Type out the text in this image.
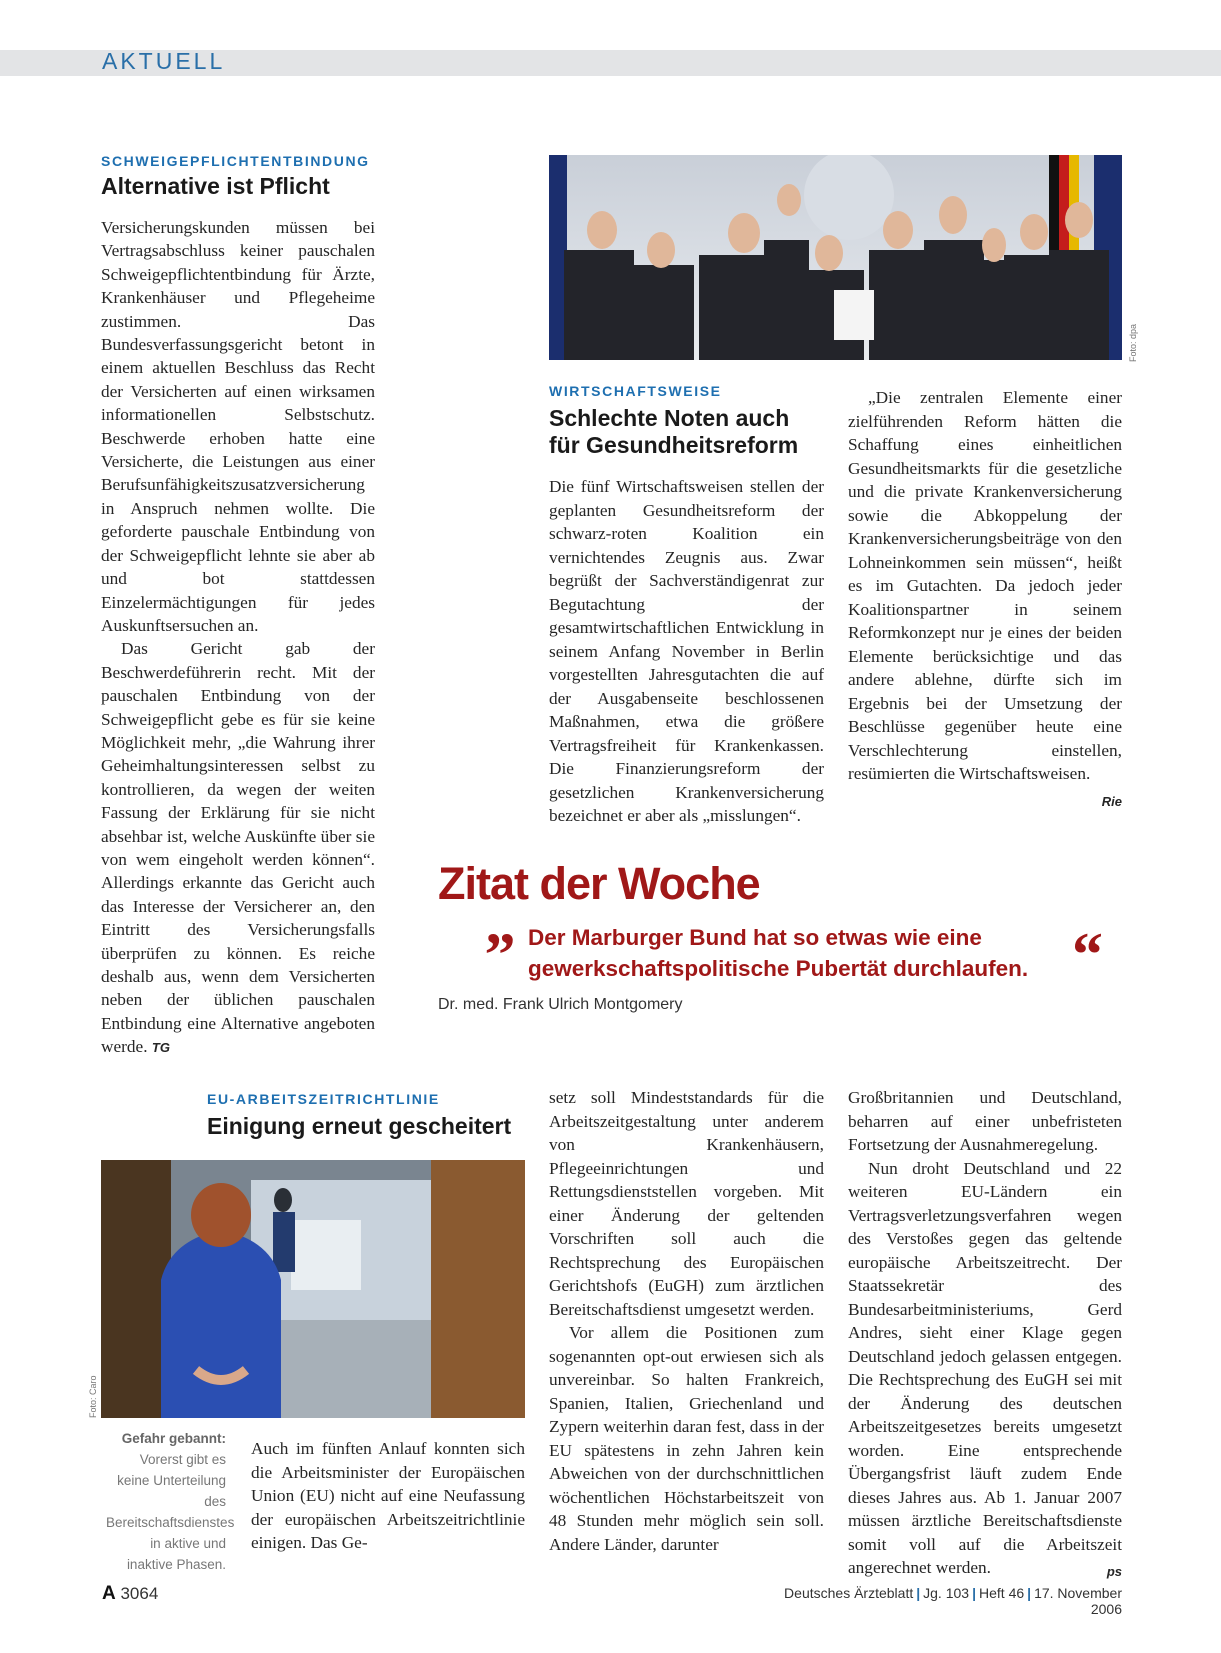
AKTUELL

SCHWEIGEPFLICHTENTBINDUNG

Alternative ist Pflicht

Versicherungskunden müssen bei Vertragsabschluss keiner pauschalen Schweigepflichtentbindung für Ärzte, Krankenhäuser und Pflegeheime zustimmen. Das Bundesverfassungsgericht betont in einem aktuellen Beschluss das Recht der Versicherten auf einen wirksamen informationellen Selbstschutz. Beschwerde erhoben hatte eine Versicherte, die Leistungen aus einer Berufsunfähigkeitszusatzversicherung in Anspruch nehmen wollte. Die geforderte pauschale Entbindung von der Schweigepflicht lehnte sie aber ab und bot stattdessen Einzelermächtigungen für jedes Auskunftsersuchen an.

Das Gericht gab der Beschwerdeführerin recht. Mit der pauschalen Entbindung von der Schweigepflicht gebe es für sie keine Möglichkeit mehr, „die Wahrung ihrer Geheimhaltungsinteressen selbst zu kontrollieren, da wegen der weiten Fassung der Erklärung für sie nicht absehbar ist, welche Auskünfte über sie von wem eingeholt werden können“. Allerdings erkannte das Gericht auch das Interesse der Versicherer an, den Eintritt des Versicherungsfalls überprüfen zu können. Es reiche deshalb aus, wenn dem Versicherten neben der üblichen pauschalen Entbindung eine Alternative angeboten werde. TG

Foto: dpa

WIRTSCHAFTSWEISE

Schlechte Noten auch
für Gesundheitsreform

Die fünf Wirtschaftsweisen stellen der geplanten Gesundheitsreform der schwarz-roten Koalition ein vernichtendes Zeugnis aus. Zwar begrüßt der Sachverständigenrat zur Begutachtung der gesamtwirtschaftlichen Entwicklung in seinem Anfang November in Berlin vorgestellten Jahresgutachten die auf der Ausgabenseite beschlossenen Maßnahmen, etwa die größere Vertragsfreiheit für Krankenkassen. Die Finanzierungsreform der gesetzlichen Krankenversicherung bezeichnet er aber als „misslungen“.

„Die zentralen Elemente einer zielführenden Reform hätten die Schaffung eines einheitlichen Gesundheitsmarkts für die gesetzliche und die private Krankenversicherung sowie die Abkoppelung der Krankenversicherungsbeiträge von den Lohneinkommen sein müssen“, heißt es im Gutachten. Da jedoch jeder Koalitionspartner in seinem Reformkonzept nur je eines der beiden Elemente berücksichtige und das andere ablehne, dürfte sich im Ergebnis bei der Umsetzung der Beschlüsse gegenüber heute eine Verschlechterung einstellen, resümierten die Wirtschaftsweisen.
Rie

Zitat der Woche
„ Der Marburger Bund hat so etwas wie eine
gewerkschaftspolitische Pubertät durchlaufen. “
Dr. med. Frank Ulrich Montgomery

EU-ARBEITSZEITRICHTLINIE

Einigung erneut gescheitert
Foto: Caro
Gefahr gebannt:
Vorerst gibt es keine Unterteilung des Bereitschaftsdienstes in aktive und inaktive Phasen.

Auch im fünften Anlauf konnten sich die Arbeitsminister der Europäischen Union (EU) nicht auf eine Neufassung der europäischen Arbeitszeitrichtlinie einigen. Das Ge-

setz soll Mindeststandards für die Arbeitszeitgestaltung unter anderem von Krankenhäusern, Pflegeeinrichtungen und Rettungsdienststellen vorgeben. Mit einer Änderung der geltenden Vorschriften soll auch die Rechtsprechung des Europäischen Gerichtshofs (EuGH) zum ärztlichen Bereitschaftsdienst umgesetzt werden.

Vor allem die Positionen zum sogenannten opt-out erwiesen sich als unvereinbar. So halten Frankreich, Spanien, Italien, Griechenland und Zypern weiterhin daran fest, dass in der EU spätestens in zehn Jahren kein Abweichen von der durchschnittlichen wöchentlichen Höchstarbeitszeit von 48 Stunden mehr möglich sein soll. Andere Länder, darunter

Großbritannien und Deutschland, beharren auf einer unbefristeten Fortsetzung der Ausnahmeregelung.

Nun droht Deutschland und 22 weiteren EU-Ländern ein Vertragsverletzungsverfahren wegen des Verstoßes gegen das geltende europäische Arbeitszeitrecht. Der Staatssekretär des Bundesarbeitministeriums, Gerd Andres, sieht einer Klage gegen Deutschland jedoch gelassen entgegen. Die Rechtsprechung des EuGH sei mit der Änderung des deutschen Arbeitszeitgesetzes bereits umgesetzt worden. Eine entsprechende Übergangsfrist läuft zudem Ende dieses Jahres aus. Ab 1. Januar 2007 müssen ärztliche Bereitschaftsdienste somit voll auf die Arbeitszeit angerechnet werden.	ps

A 3064	Deutsches Ärzteblatt | Jg. 103 | Heft 46 | 17. November 2006
